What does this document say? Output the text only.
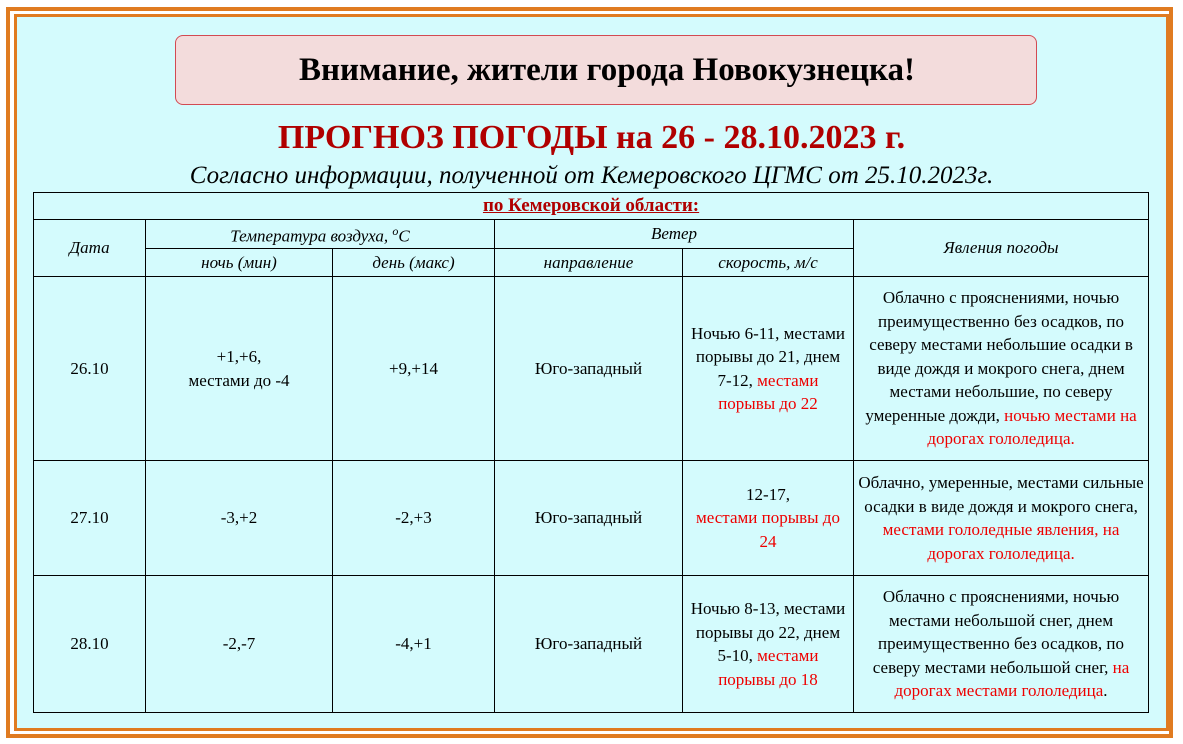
Внимание, жители города Новокузнецка!
ПРОГНОЗ ПОГОДЫ на 26 - 28.10.2023 г.
Согласно информации, полученной от Кемеровского ЦГМС от 25.10.2023г.
по Кемеровской области:					
Дата	Температура воздуха, $^о$С		Ветер		Явления погоды
	ночь (мин)	день (макс)	направление	скорость, м/с	
26.10	+1,+6,
местами до -4	+9,+14	Юго-западный	Ночью 6-11, местами порывы до 21, днем 7-12, местами порывы до 22	Облачно с прояснениями, ночью преимущественно без осадков, по северу местами небольшие осадки в виде дождя и мокрого снега, днем местами небольшие, по северу умеренные дожди, ночью местами на дорогах гололедица.
27.10	-3,+2	-2,+3	Юго-западный	12-17,
местами порывы до 24	Облачно, умеренные, местами сильные осадки в виде дождя и мокрого снега, местами гололедные явления, на дорогах гололедица.
28.10	-2,-7	-4,+1	Юго-западный	Ночью 8-13, местами порывы до 22, днем 5-10, местами порывы до 18	Облачно с прояснениями, ночью местами небольшой снег, днем преимущественно без осадков, по северу местами небольшой снег, на дорогах местами гололедица.
